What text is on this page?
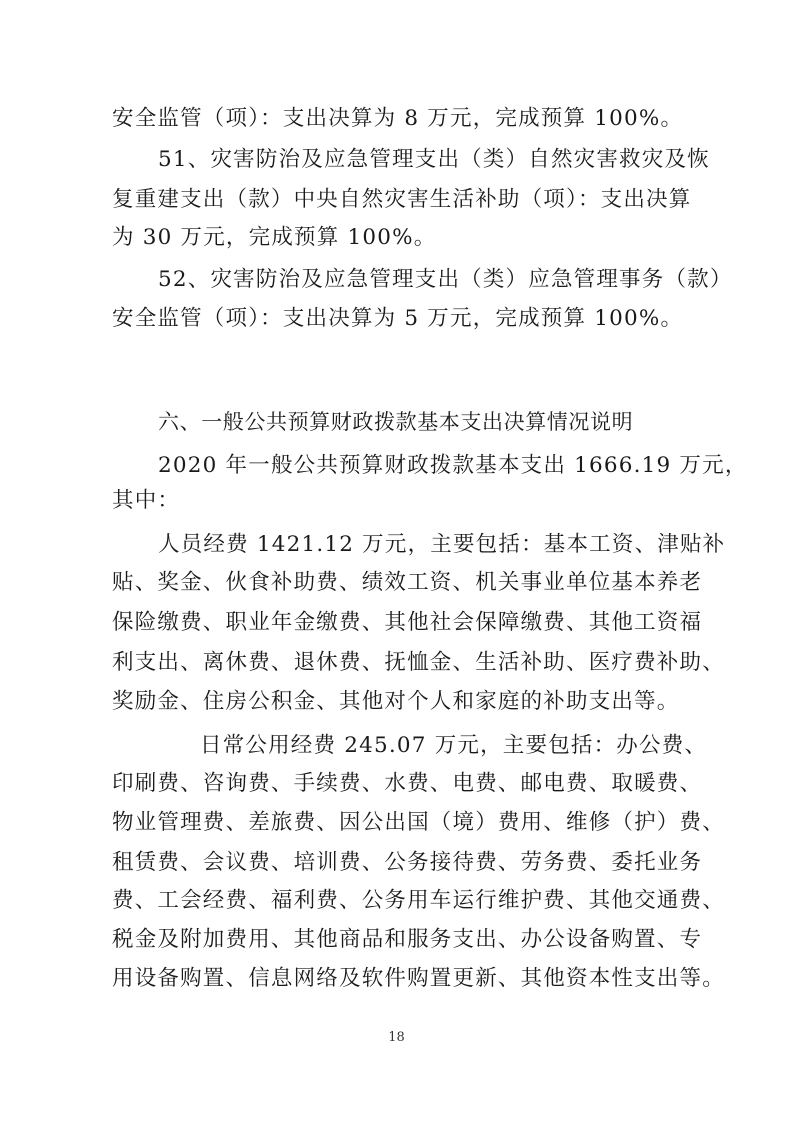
安全监管（项）：支出决算为 8 万元，完成预算 100%。
51、灾害防治及应急管理支出（类）自然灾害救灾及恢
复重建支出（款）中央自然灾害生活补助（项）：支出决算
为 30 万元，完成预算 100%。
52、灾害防治及应急管理支出（类）应急管理事务（款）
安全监管（项）：支出决算为 5 万元，完成预算 100%。
六、一般公共预算财政拨款基本支出决算情况说明
2020 年一般公共预算财政拨款基本支出 1666.19 万元，
其中：
人员经费 1421.12 万元，主要包括：基本工资、津贴补
贴、奖金、伙食补助费、绩效工资、机关事业单位基本养老
保险缴费、职业年金缴费、其他社会保障缴费、其他工资福
利支出、离休费、退休费、抚恤金、生活补助、医疗费补助、
奖励金、住房公积金、其他对个人和家庭的补助支出等。
日常公用经费 245.07 万元，主要包括：办公费、
印刷费、咨询费、手续费、水费、电费、邮电费、取暖费、
物业管理费、差旅费、因公出国（境）费用、维修（护）费、
租赁费、会议费、培训费、公务接待费、劳务费、委托业务
费、工会经费、福利费、公务用车运行维护费、其他交通费、
税金及附加费用、其他商品和服务支出、办公设备购置、专
用设备购置、信息网络及软件购置更新、其他资本性支出等。
18
